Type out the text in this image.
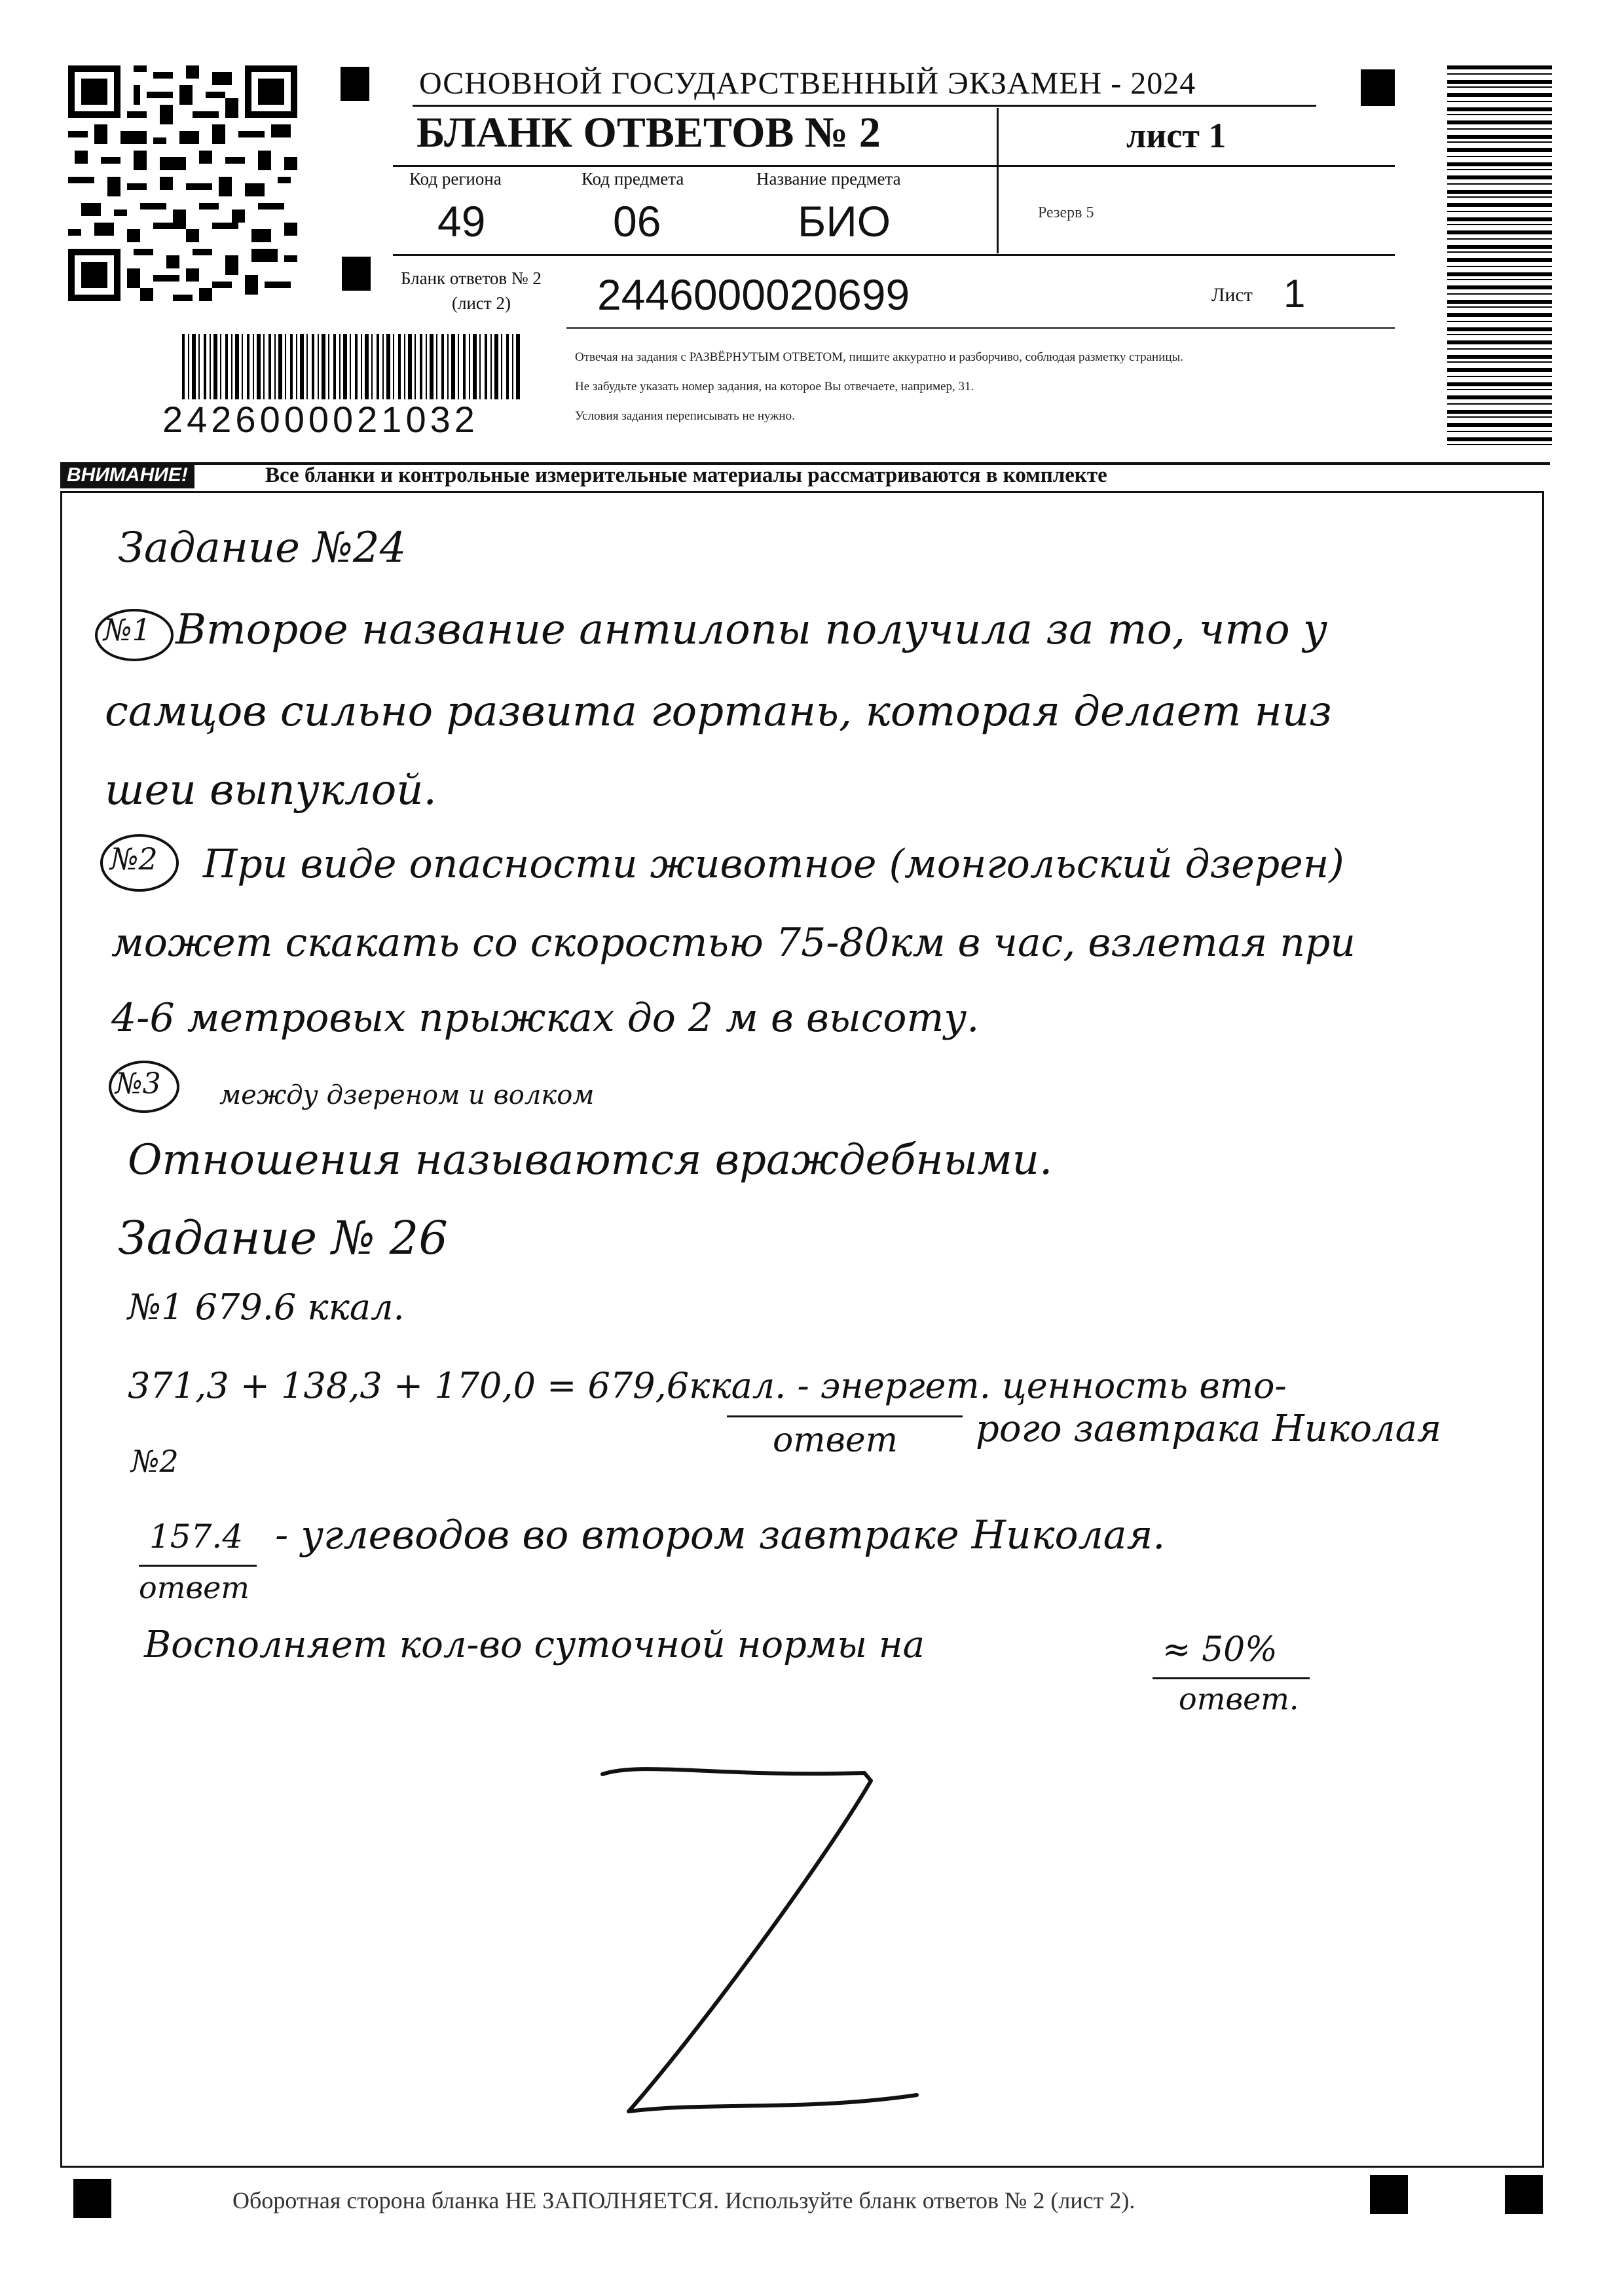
ОСНОВНОЙ ГОСУДАРСТВЕННЫЙ ЭКЗАМЕН - 2024
БЛАНК ОТВЕТОВ № 2	лист 1
Код региона
49
Код предмета
06
Название предмета
БИО	Резерв 5
Бланк ответов № 2
(лист 2) 2446000020699	Лист 1
Отвечая на задания с РАЗВЁРНУТЫМ ОТВЕТОМ, пишите аккуратно и разборчиво, соблюдая разметку страницы.
Не забудьте указать номер задания, на которое Вы отвечаете, например, 31.
Условия задания переписывать не нужно.
2426000021032
ВНИМАНИЕ!	Все бланки и контрольные измерительные материалы рассматриваются в комплекте
Задание №24
№1 Второе название антилопы получила за то, что у
самцов сильно развита гортань, которая делает низ
шеи выпуклой.
№2 При виде опасности животное (монгольский дзерен)
может скакать со скоростью 75-80км в час, взлетая при
4-6 метровых прыжках до 2 м в высоту.
№3 между дзереном и волком
Отношения называются враждебными.
Задание № 26
№1 679.6 ккал.
371,3 + 138,3 + 170,0 = 679,6ккал. - энергет. ценность вто-
ответ рого завтрака Николая
№2
157.4 - углеводов во втором завтраке Николая.
ответ
Восполняет кол-во суточной нормы на	≈ 50%
ответ.
Оборотная сторона бланка НЕ ЗАПОЛНЯЕТСЯ. Используйте бланк ответов № 2 (лист 2).
